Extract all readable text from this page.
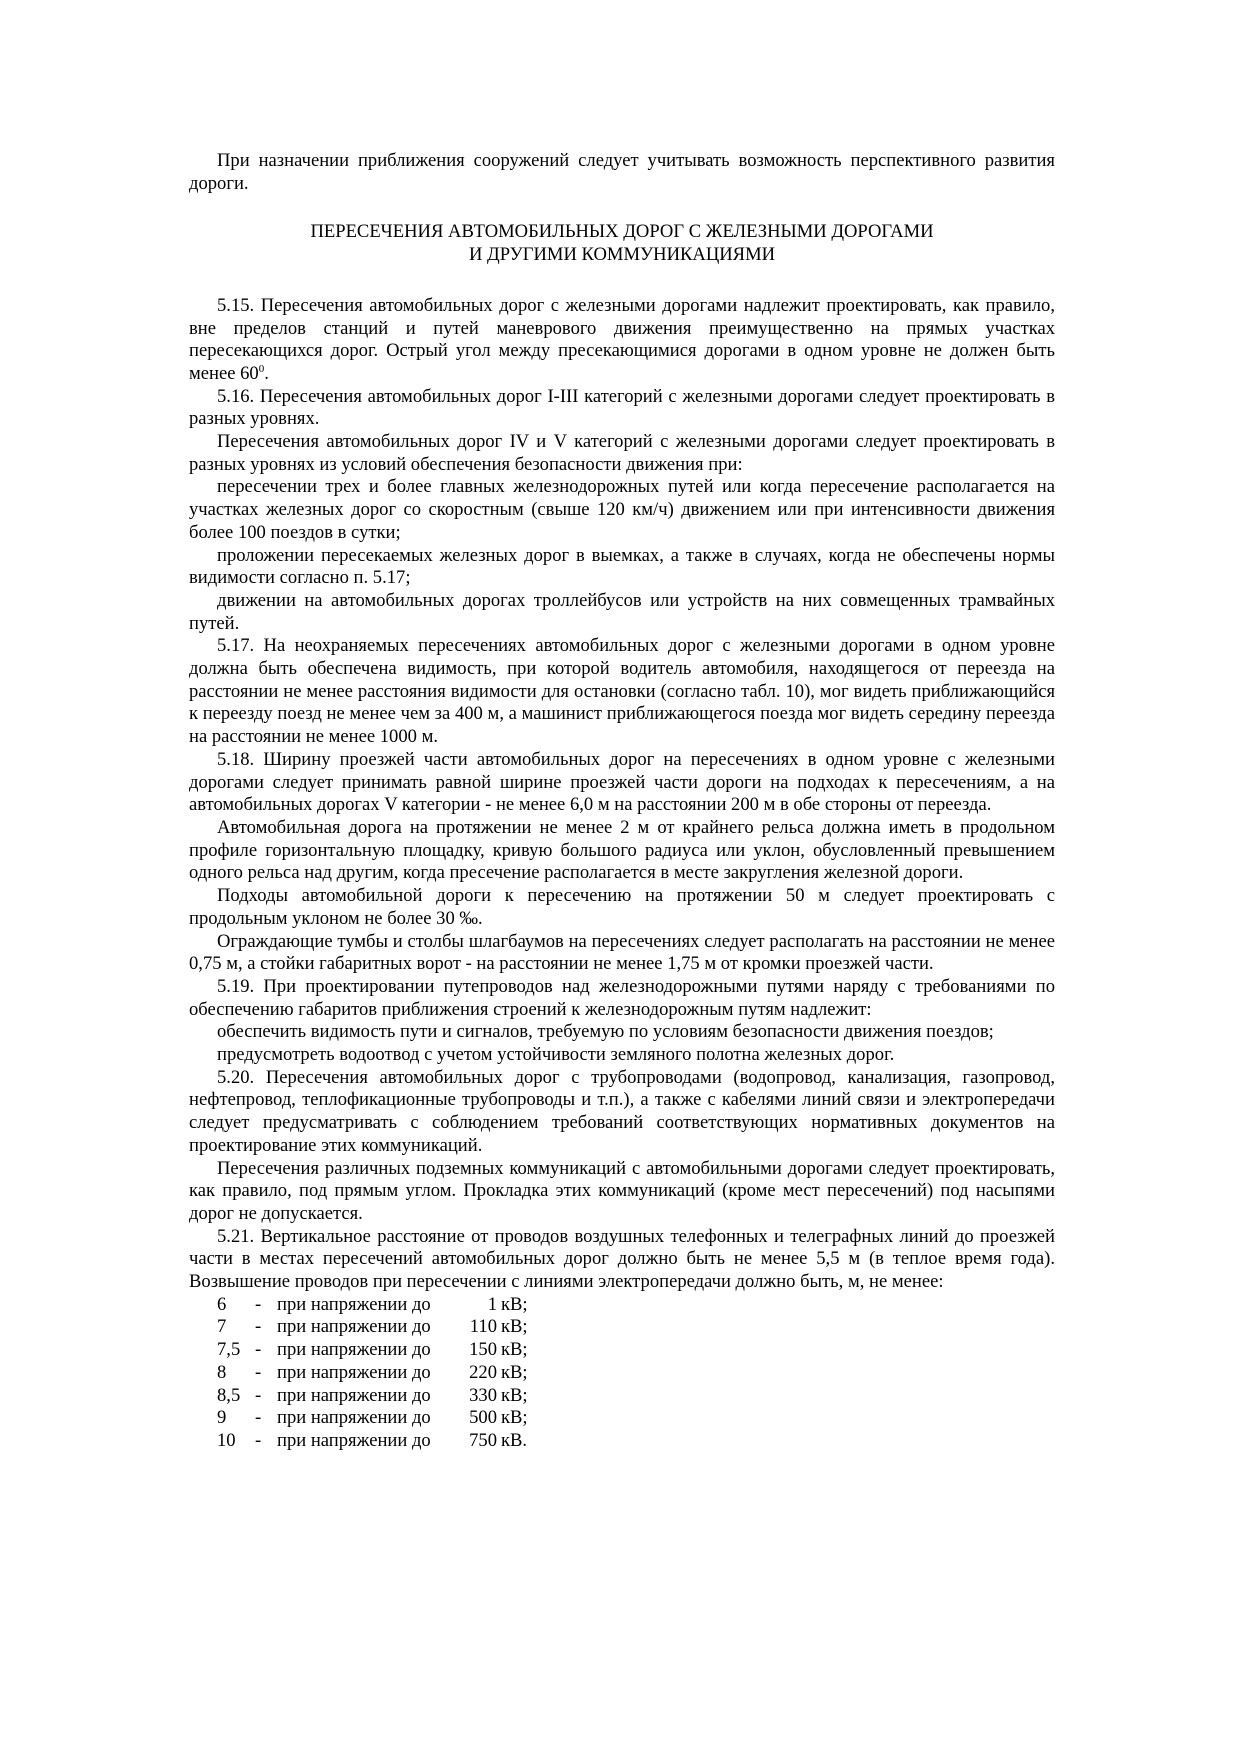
При назначении приближения сооружений следует учитывать возможность перспективного развития дороги.

ПЕРЕСЕЧЕНИЯ АВТОМОБИЛЬНЫХ ДОРОГ С ЖЕЛЕЗНЫМИ ДОРОГАМИ
И ДРУГИМИ КОММУНИКАЦИЯМИ

5.15. Пересечения автомобильных дорог с железными дорогами надлежит проектировать, как правило, вне пределов станций и путей маневрового движения преимущественно на прямых участках пересекающихся дорог. Острый угол между пресекающимися дорогами в одном уровне не должен быть менее $60^0$.

5.16. Пересечения автомобильных дорог I-III категорий с железными дорогами следует проектировать в разных уровнях.

Пересечения автомобильных дорог IV и V категорий с железными дорогами следует проектировать в разных уровнях из условий обеспечения безопасности движения при:

пересечении трех и более главных железнодорожных путей или когда пересечение располагается на участках железных дорог со скоростным (свыше 120 км/ч) движением или при интенсивности движения более 100 поездов в сутки;

проложении пересекаемых железных дорог в выемках, а также в случаях, когда не обеспечены нормы видимости согласно п. 5.17;

движении на автомобильных дорогах троллейбусов или устройств на них совмещенных трамвайных путей.

5.17. На неохраняемых пересечениях автомобильных дорог с железными дорогами в одном уровне должна быть обеспечена видимость, при которой водитель автомобиля, находящегося от переезда на расстоянии не менее расстояния видимости для остановки (согласно табл. 10), мог видеть приближающийся к переезду поезд не менее чем за 400 м, а машинист приближающегося поезда мог видеть середину переезда на расстоянии не менее 1000 м.

5.18. Ширину проезжей части автомобильных дорог на пересечениях в одном уровне с железными дорогами следует принимать равной ширине проезжей части дороги на подходах к пересечениям, а на автомобильных дорогах V категории - не менее 6,0 м на расстоянии 200 м в обе стороны от переезда.

Автомобильная дорога на протяжении не менее 2 м от крайнего рельса должна иметь в продольном профиле горизонтальную площадку, кривую большого радиуса или уклон, обусловленный превышением одного рельса над другим, когда пресечение располагается в месте закругления железной дороги.

Подходы автомобильной дороги к пересечению на протяжении 50 м следует проектировать с продольным уклоном не более 30 ‰.

Ограждающие тумбы и столбы шлагбаумов на пересечениях следует располагать на расстоянии не менее 0,75 м, а стойки габаритных ворот - на расстоянии не менее 1,75 м от кромки проезжей части.

5.19. При проектировании путепроводов над железнодорожными путями наряду с требованиями по обеспечению габаритов приближения строений к железнодорожным путям надлежит:

обеспечить видимость пути и сигналов, требуемую по условиям безопасности движения поездов;

предусмотреть водоотвод с учетом устойчивости земляного полотна железных дорог.

5.20. Пересечения автомобильных дорог с трубопроводами (водопровод, канализация, газопровод, нефтепровод, теплофикационные трубопроводы и т.п.), а также с кабелями линий связи и электропередачи следует предусматривать с соблюдением требований соответствующих нормативных документов на проектирование этих коммуникаций.

Пересечения различных подземных коммуникаций с автомобильными дорогами следует проектировать, как правило, под прямым углом. Прокладка этих коммуникаций (кроме мест пересечений) под насыпями дорог не допускается.

5.21. Вертикальное расстояние от проводов воздушных телефонных и телеграфных линий до проезжей части в местах пересечений автомобильных дорог должно быть не менее 5,5 м (в теплое время года). Возвышение проводов при пересечении с линиями электропередачи должно быть, м, не менее:

6	- при напряжении до	1 кВ;
7	- при напряжении до	110 кВ;
7,5 - при напряжении до	150 кВ;
8	- при напряжении до	220 кВ;
8,5 - при напряжении до	330 кВ;
9	- при напряжении до	500 кВ;
10	- при напряжении до	750 кВ.
